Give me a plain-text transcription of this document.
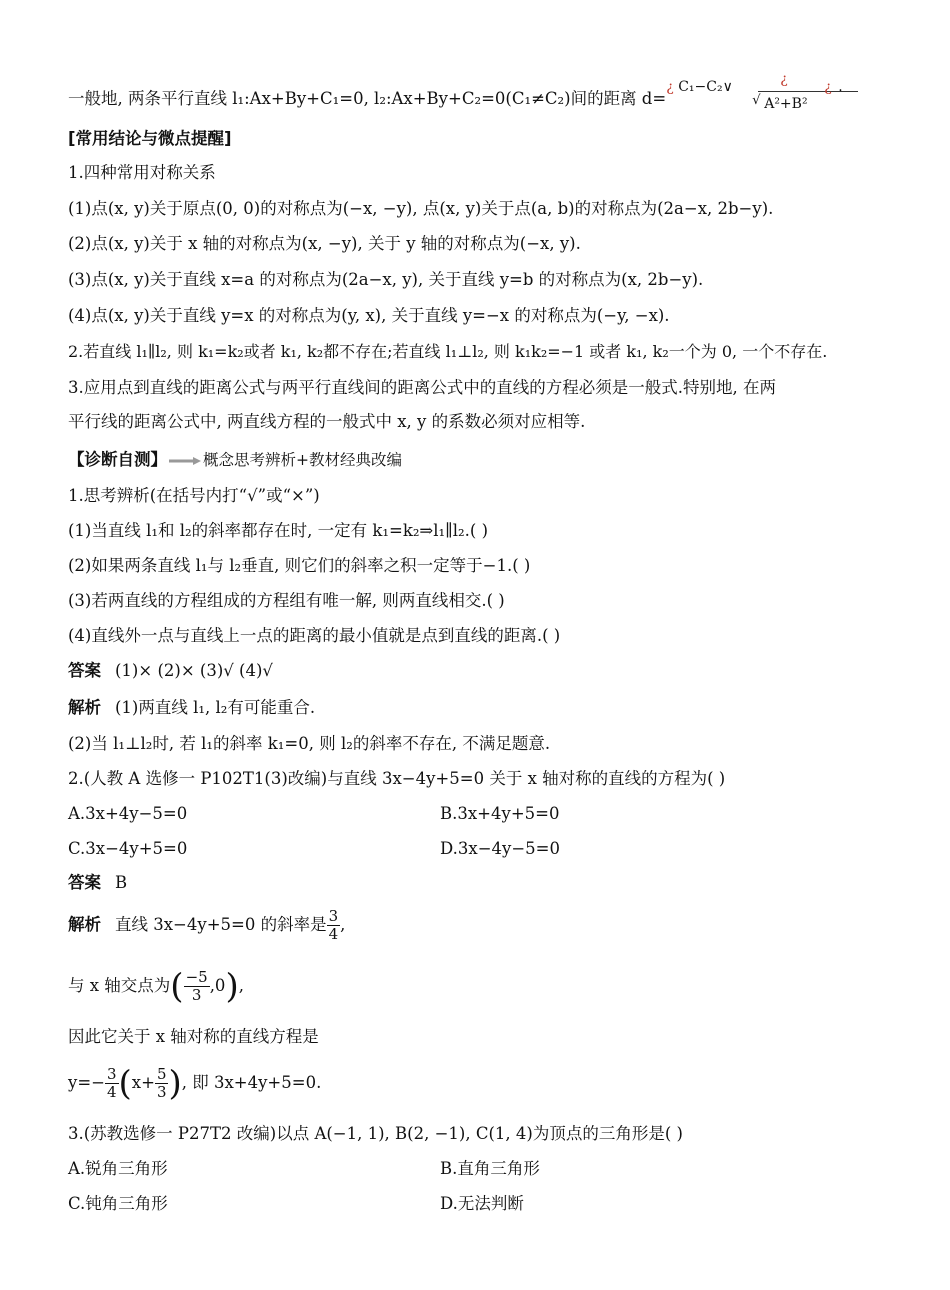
一般地, 两条平行直线 l₁:Ax+By+C₁=0, l₂:Ax+By+C₂=0(C₁≠C₂)间的距离 d=
¿ C₁−C₂∨	¿
√ A²+B²
¿ .
[常用结论与微点提醒]
1.四种常用对称关系
(1)点(x, y)关于原点(0, 0)的对称点为(−x, −y), 点(x, y)关于点(a, b)的对称点为(2a−x, 2b−y).
(2)点(x, y)关于 x 轴的对称点为(x, −y), 关于 y 轴的对称点为(−x, y).
(3)点(x, y)关于直线 x=a 的对称点为(2a−x, y), 关于直线 y=b 的对称点为(x, 2b−y).
(4)点(x, y)关于直线 y=x 的对称点为(y, x), 关于直线 y=−x 的对称点为(−y, −x).
2.若直线 l₁∥l₂, 则 k₁=k₂或者 k₁, k₂都不存在;若直线 l₁⊥l₂, 则 k₁k₂=−1 或者 k₁, k₂一个为 0, 一个不存在.
3.应用点到直线的距离公式与两平行直线间的距离公式中的直线的方程必须是一般式.特别地, 在两
平行线的距离公式中, 两直线方程的一般式中 x, y 的系数必须对应相等.
【诊断自测】 概念思考辨析+教材经典改编
1.思考辨析(在括号内打“√”或“×”)
(1)当直线 l₁和 l₂的斜率都存在时, 一定有 k₁=k₂⇒l₁∥l₂.( )
(2)如果两条直线 l₁与 l₂垂直, 则它们的斜率之积一定等于−1.( )
(3)若两直线的方程组成的方程组有唯一解, 则两直线相交.( )
(4)直线外一点与直线上一点的距离的最小值就是点到直线的距离.( )
答案 (1)× (2)× (3)√ (4)√
解析 (1)两直线 l₁, l₂有可能重合.
(2)当 l₁⊥l₂时, 若 l₁的斜率 k₁=0, 则 l₂的斜率不存在, 不满足题意.
2.(人教 A 选修一 P102T1(3)改编)与直线 3x−4y+5=0 关于 x 轴对称的直线的方程为( )
A.3x+4y−5=0	B.3x+4y+5=0
C.3x−4y+5=0	D.3x−4y−5=0
答案 B
解析 直线 3x−4y+5=0 的斜率是 $\frac{3}{4}$ ,
与 x 轴交点为( $\frac{-5}{3} ,0$),
因此它关于 x 轴对称的直线方程是
$y=- \frac{3}{4} (x+ \frac{5}{3}$ ), 即 3x+4y+5=0.
3.(苏教选修一 P27T2 改编)以点 A(−1, 1), B(2, −1), C(1, 4)为顶点的三角形是( )
A.锐角三角形	B.直角三角形
C.钝角三角形	D.无法判断
